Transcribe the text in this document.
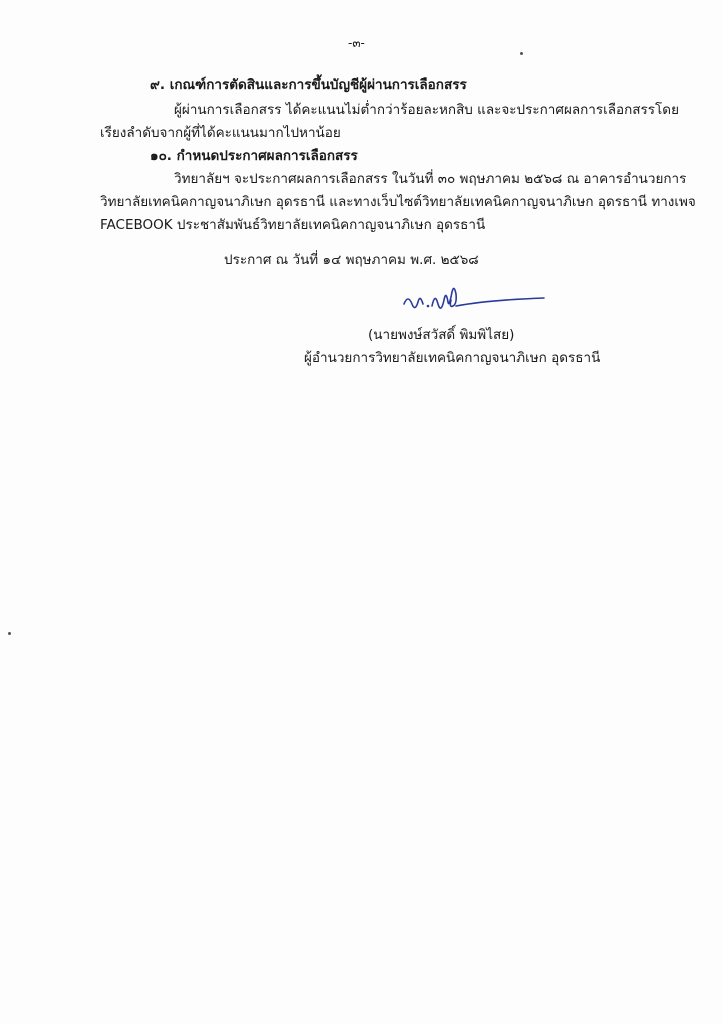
-๓-
๙. เกณฑ์การตัดสินและการขึ้นบัญชีผู้ผ่านการเลือกสรร
ผู้ผ่านการเลือกสรร ได้คะแนนไม่ต่ำกว่าร้อยละหกสิบ และจะประกาศผลการเลือกสรรโดย
เรียงลำดับจากผู้ที่ได้คะแนนมากไปหาน้อย
๑๐. กำหนดประกาศผลการเลือกสรร
วิทยาลัยฯ จะประกาศผลการเลือกสรร ในวันที่ ๓๐ พฤษภาคม ๒๕๖๘ ณ อาคารอำนวยการ
วิทยาลัยเทคนิคกาญจนาภิเษก อุดรธานี และทางเว็บไซต์วิทยาลัยเทคนิคกาญจนาภิเษก อุดรธานี ทางเพจ
FACEBOOK ประชาสัมพันธ์วิทยาลัยเทคนิคกาญจนาภิเษก อุดรธานี
ประกาศ ณ วันที่ ๑๔ พฤษภาคม พ.ศ. ๒๕๖๘
(นายพงษ์สวัสดิ์ พิมพิไสย)
ผู้อำนวยการวิทยาลัยเทคนิคกาญจนาภิเษก อุดรธานี
